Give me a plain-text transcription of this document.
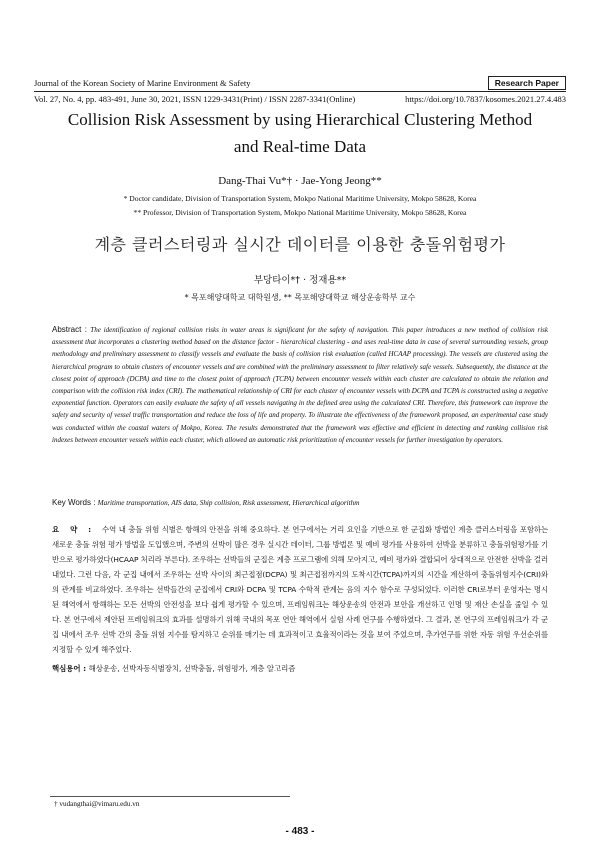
Journal of the Korean Society of Marine Environment & Safety	Research Paper
Vol. 27, No. 4, pp. 483-491, June 30, 2021, ISSN 1229-3431(Print) / ISSN 2287-3341(Online)	https://doi.org/10.7837/kosomes.2021.27.4.483
Collision Risk Assessment by using Hierarchical Clustering Method
and Real-time Data
Dang-Thai Vu*† · Jae-Yong Jeong**
* Doctor candidate, Division of Transportation System, Mokpo National Maritime University, Mokpo 58628, Korea
** Professor, Division of Transportation System, Mokpo National Maritime University, Mokpo 58628, Korea
계층 클러스터링과 실시간 데이터를 이용한 충돌위험평가
부당타이*† · 정재용**
* 목포해양대학교 대학원생, ** 목포해양대학교 해상운송학부 교수
Abstract : The identification of regional collision risks in water areas is significant for the safety of navigation. This paper introduces a new method of collision risk assessment that incorporates a clustering method based on the distance factor - hierarchical clustering - and uses real-time data in case of several surrounding vessels, group methodology and preliminary assessment to classify vessels and evaluate the basis of collision risk evaluation (called HCAAP processing). The vessels are clustered using the hierarchical program to obtain clusters of encounter vessels and are combined with the preliminary assessment to filter relatively safe vessels. Subsequently, the distance at the closest point of approach (DCPA) and time to the closest point of approach (TCPA) between encounter vessels within each cluster are calculated to obtain the relation and comparison with the collision risk index (CRI). The mathematical relationship of CRI for each cluster of encounter vessels with DCPA and TCPA is constructed using a negative exponential function. Operators can easily evaluate the safety of all vessels navigating in the defined area using the calculated CRI. Therefore, this framework can improve the safety and security of vessel traffic transportation and reduce the loss of life and property. To illustrate the effectiveness of the framework proposed, an experimental case study was conducted within the coastal waters of Mokpo, Korea. The results demonstrated that the framework was effective and efficient in detecting and ranking collision risk indexes between encounter vessels within each cluster, which allowed an automatic risk prioritization of encounter vessels for further investigation by operators.
Key Words : Maritime transportation, AIS data, Ship collision, Risk assessment, Hierarchical algorithm
요 약 : 수역 내 충돌 위험 식별은 항해의 안전을 위해 중요하다. 본 연구에서는 거리 요인을 기반으로 한 군집화 방법인 계층 클러스터링을 포함하는 새로운 충돌 위험 평가 방법을 도입했으며, 주변의 선박이 많은 경우 실시간 데이터, 그룹 방법론 및 예비 평가를 사용하여 선박을 분류하고 충돌위험평가를 기반으로 평가하였다(HCAAP 처리라 부른다). 조우하는 선박들의 군집은 계층 프로그램에 의해 모아지고, 예비 평가와 결합되어 상대적으로 안전한 선박을 걸러내었다. 그런 다음, 각 군집 내에서 조우하는 선박 사이의 최근접점(DCPA) 및 최근접점까지의 도착시간(TCPA)까지의 시간을 계산하여 충돌위험지수(CRI)와의 관계를 비교하였다. 조우하는 선박들간의 군집에서 CRI와 DCPA 및 TCPA 수학적 관계는 음의 지수 함수로 구성되었다. 이러한 CRI로부터 운영자는 명시된 해역에서 항해하는 모든 선박의 안전성을 보다 쉽게 평가할 수 있으며, 프레임워크는 해상운송의 안전과 보안을 개선하고 인명 및 재산 손실을 줄일 수 있다. 본 연구에서 제안된 프레임워크의 효과를 설명하기 위해 국내의 목포 연안 해역에서 실험 사례 연구를 수행하였다. 그 결과, 본 연구의 프레임워크가 각 군집 내에서 조우 선박 간의 충돌 위험 지수를 탐지하고 순위를 매기는 데 효과적이고 효율적이라는 것을 보여 주었으며, 추가연구를 위한 자동 위험 우선순위를 지정할 수 있게 해주었다.
핵심용어 : 해상운송, 선박자동식별장치, 선박충돌, 위험평가, 계층 알고리즘
† vudangthai@vimaru.edu.vn
- 483 -
